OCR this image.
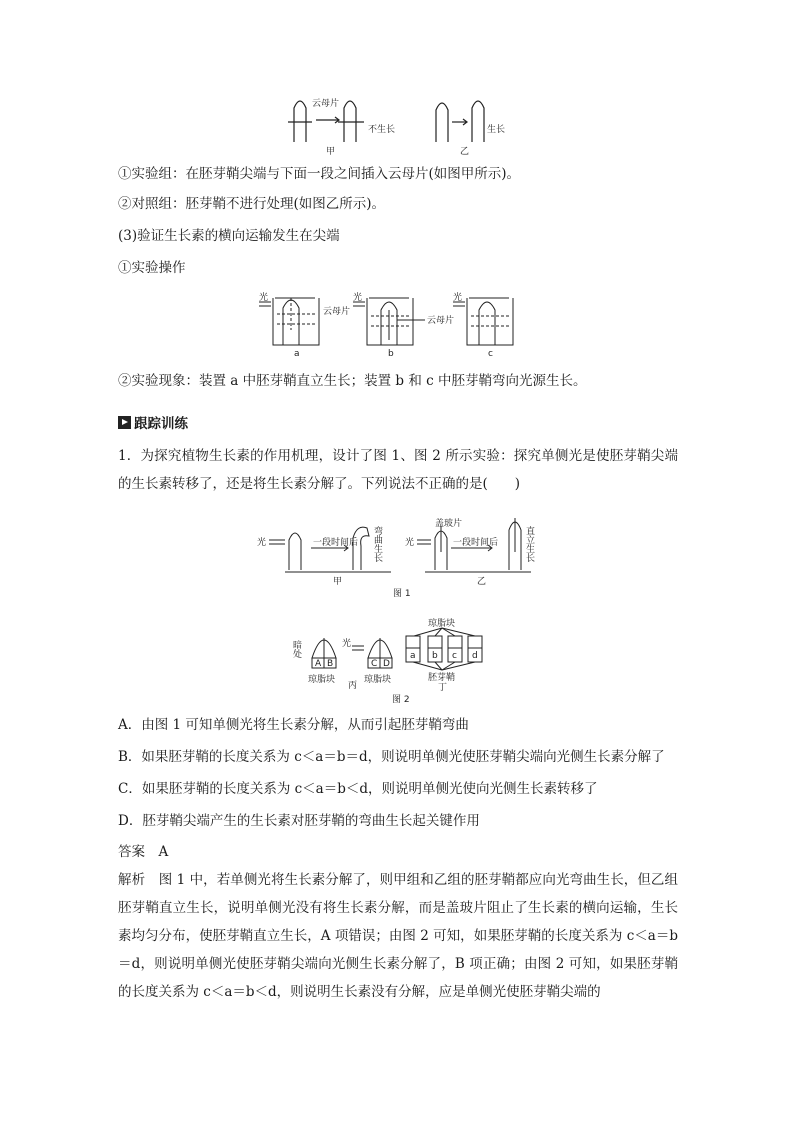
云母片
不生长	生长
甲	乙
①实验组：在胚芽鞘尖端与下面一段之间插入云母片(如图甲所示)。
②对照组：胚芽鞘不进行处理(如图乙所示)。
(3)验证生长素的横向运输发生在尖端
①实验操作
光
云母片
a
光
云母片
b
光
c
②实验现象：装置 a 中胚芽鞘直立生长；装置 b 和 c 中胚芽鞘弯向光源生长。
跟踪训练
1．为探究植物生长素的作用机理，设计了图 1、图 2 所示实验：探究单侧光是使胚芽鞘尖端的生长素转移了，还是将生长素分解了。下列说法不正确的是(　　)
光	一段时间后 弯曲生长
甲
光
盖玻片
一段时间后	直立生长
乙
图 1
暗处
A B
琼脂块
光
C D
琼脂块
丙
琼脂块
a b c d
胚芽鞘
丁
图 2
A．由图 1 可知单侧光将生长素分解，从而引起胚芽鞘弯曲
B．如果胚芽鞘的长度关系为 c＜a＝b＝d，则说明单侧光使胚芽鞘尖端向光侧生长素分解了
C．如果胚芽鞘的长度关系为 c＜a＝b＜d，则说明单侧光使向光侧生长素转移了
D．胚芽鞘尖端产生的生长素对胚芽鞘的弯曲生长起关键作用
答案　A
解析　图 1 中，若单侧光将生长素分解了，则甲组和乙组的胚芽鞘都应向光弯曲生长，但乙组胚芽鞘直立生长，说明单侧光没有将生长素分解，而是盖玻片阻止了生长素的横向运输，生长素均匀分布，使胚芽鞘直立生长，A 项错误；由图 2 可知，如果胚芽鞘的长度关系为 c＜a＝b＝d，则说明单侧光使胚芽鞘尖端向光侧生长素分解了，B 项正确；由图 2 可知，如果胚芽鞘的长度关系为 c＜a＝b＜d，则说明生长素没有分解，应是单侧光使胚芽鞘尖端的
